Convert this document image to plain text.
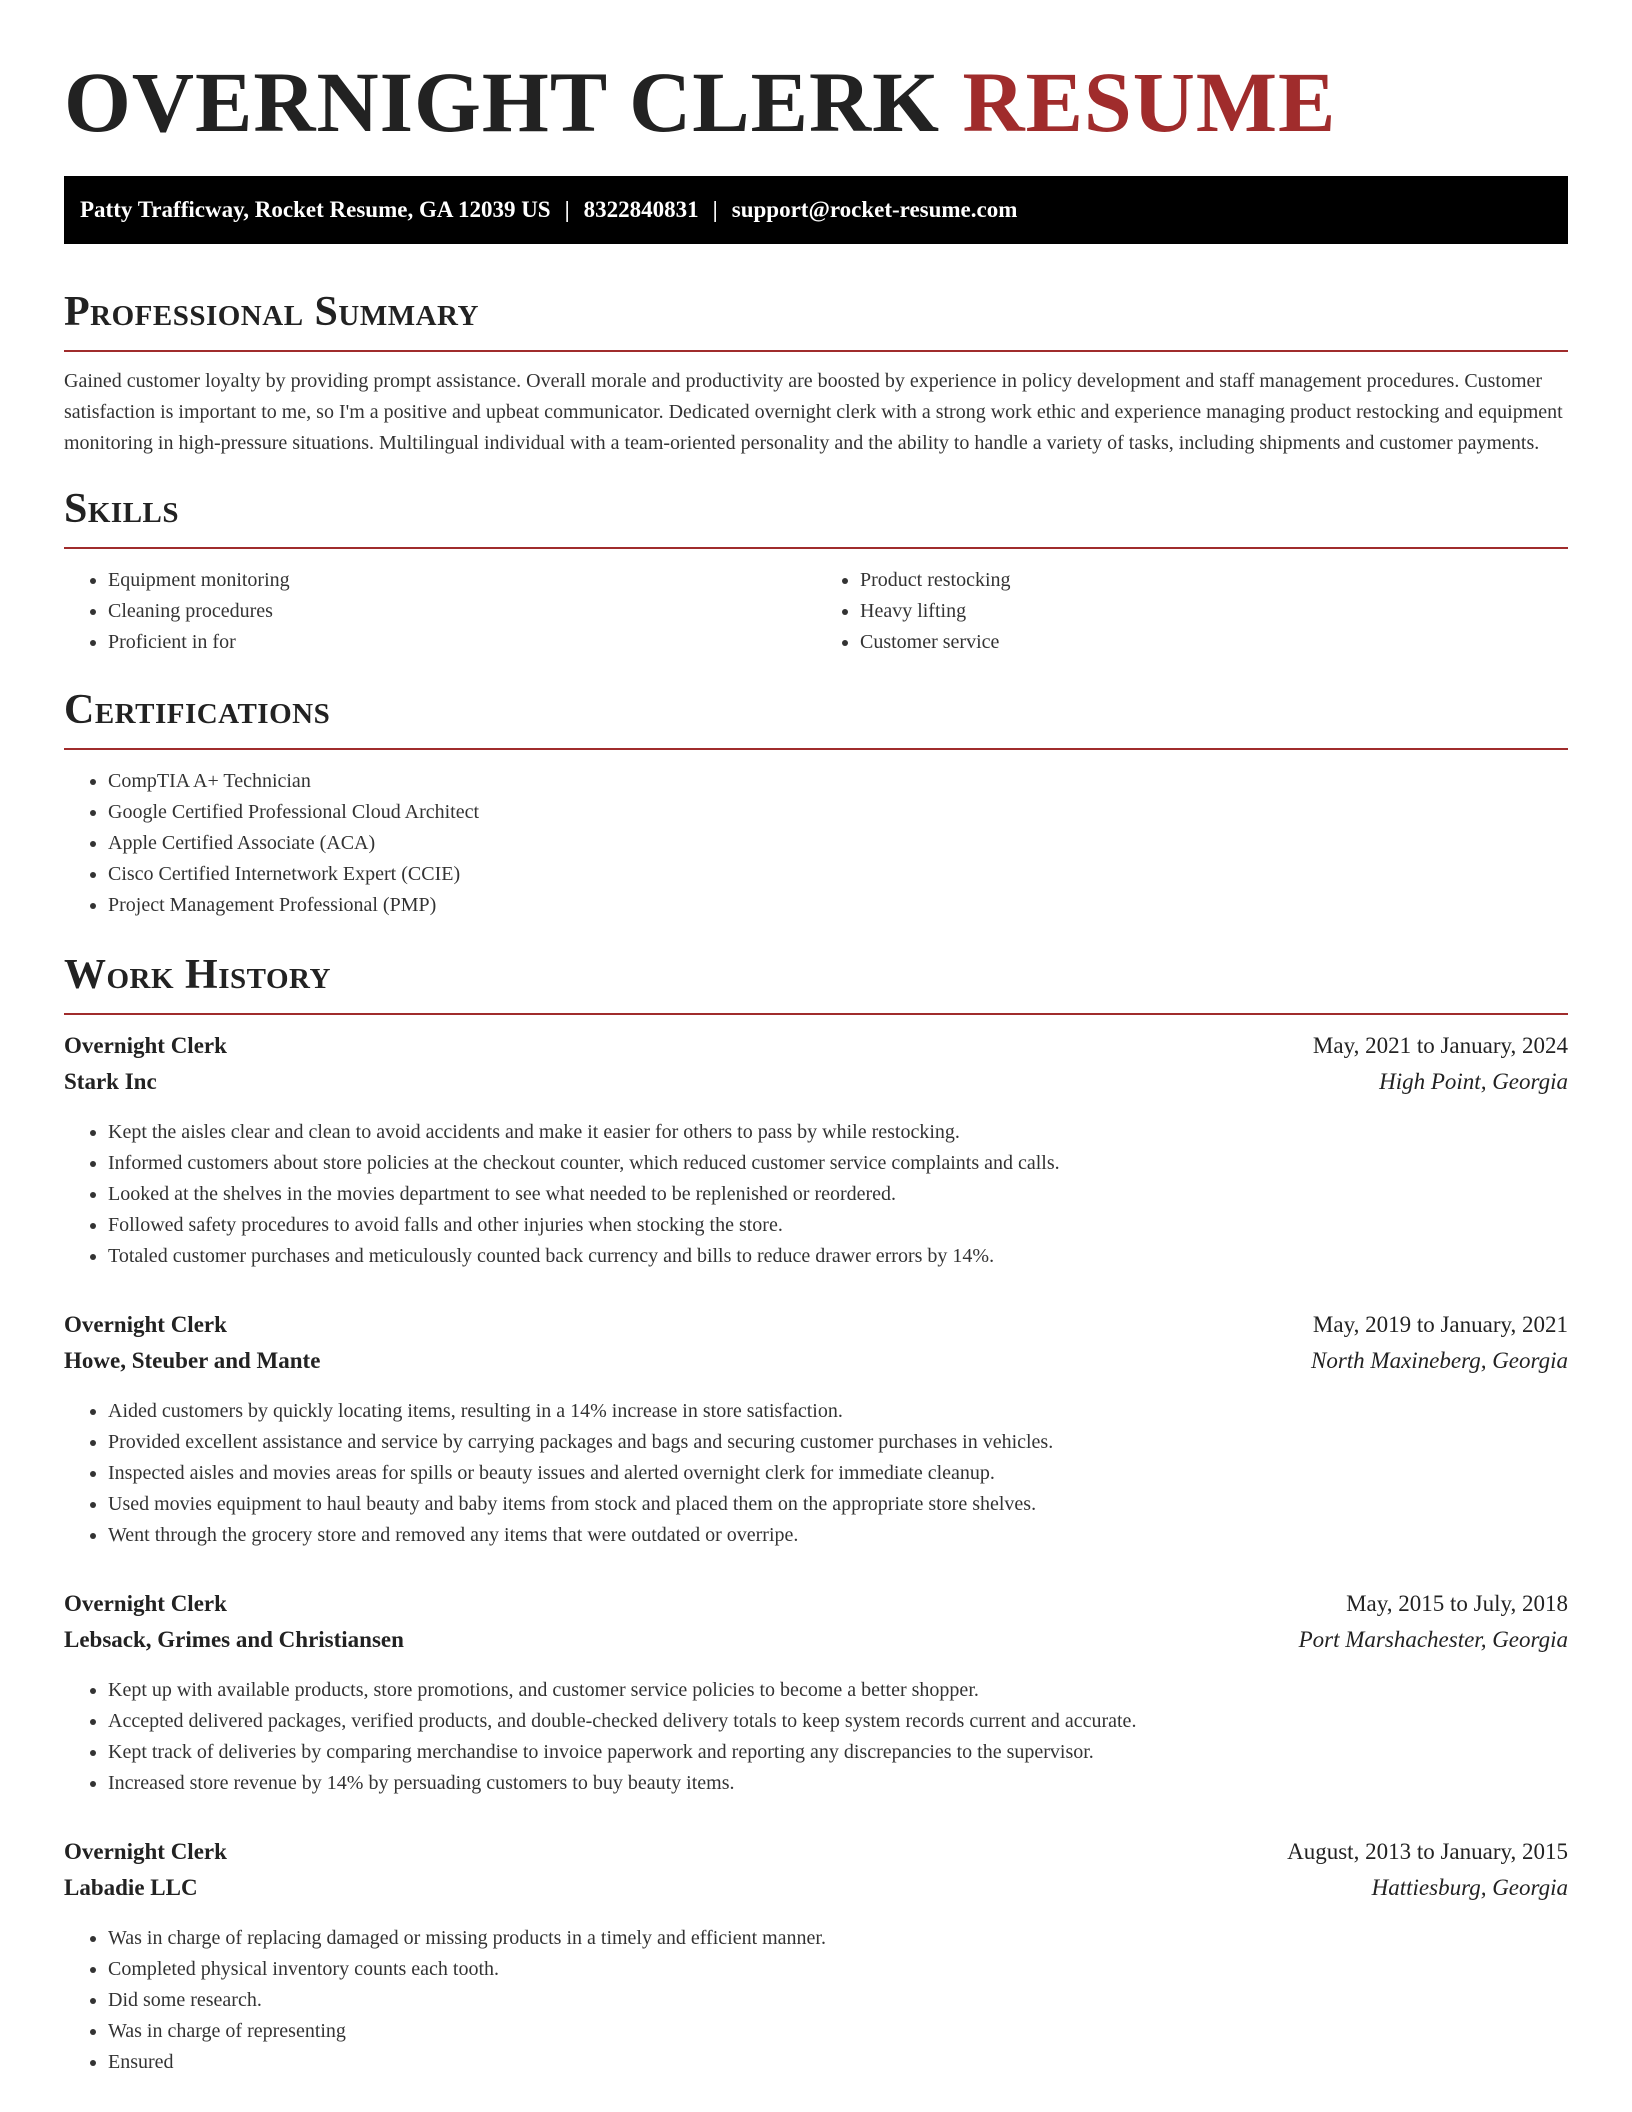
OVERNIGHT CLERK RESUME
Patty Trafficway, Rocket Resume, GA 12039 US | 8322840831 | support@rocket-resume.com
Professional Summary

Gained customer loyalty by providing prompt assistance. Overall morale and productivity are boosted by experience in policy development and staff management procedures. Customer satisfaction is important to me, so I'm a positive and upbeat communicator. Dedicated overnight clerk with a strong work ethic and experience managing product restocking and equipment monitoring in high-pressure situations. Multilingual individual with a team-oriented personality and the ability to handle a variety of tasks, including shipments and customer payments.

Skills
• Equipment monitoring
• Cleaning procedures
• Proficient in for
• Product restocking
• Heavy lifting
• Customer service
Certifications
• CompTIA A+ Technician
• Google Certified Professional Cloud Architect
• Apple Certified Associate (ACA)
• Cisco Certified Internetwork Expert (CCIE)
• Project Management Professional (PMP)
Work History
Overnight Clerk	May, 2021 to January, 2024
Stark Inc	High Point, Georgia
• Kept the aisles clear and clean to avoid accidents and make it easier for others to pass by while restocking.
• Informed customers about store policies at the checkout counter, which reduced customer service complaints and calls.
• Looked at the shelves in the movies department to see what needed to be replenished or reordered.
• Followed safety procedures to avoid falls and other injuries when stocking the store.
• Totaled customer purchases and meticulously counted back currency and bills to reduce drawer errors by 14%.
Overnight Clerk	May, 2019 to January, 2021
Howe, Steuber and Mante	North Maxineberg, Georgia
• Aided customers by quickly locating items, resulting in a 14% increase in store satisfaction.
• Provided excellent assistance and service by carrying packages and bags and securing customer purchases in vehicles.
• Inspected aisles and movies areas for spills or beauty issues and alerted overnight clerk for immediate cleanup.
• Used movies equipment to haul beauty and baby items from stock and placed them on the appropriate store shelves.
• Went through the grocery store and removed any items that were outdated or overripe.
Overnight Clerk	May, 2015 to July, 2018
Lebsack, Grimes and Christiansen	Port Marshachester, Georgia
• Kept up with available products, store promotions, and customer service policies to become a better shopper.
• Accepted delivered packages, verified products, and double-checked delivery totals to keep system records current and accurate.
• Kept track of deliveries by comparing merchandise to invoice paperwork and reporting any discrepancies to the supervisor.
• Increased store revenue by 14% by persuading customers to buy beauty items.
Overnight Clerk	August, 2013 to January, 2015
Labadie LLC	Hattiesburg, Georgia
• Was in charge of replacing damaged or missing products in a timely and efficient manner.
• Completed physical inventory counts each tooth.
• Did some research.
• Was in charge of representing
• Ensured
